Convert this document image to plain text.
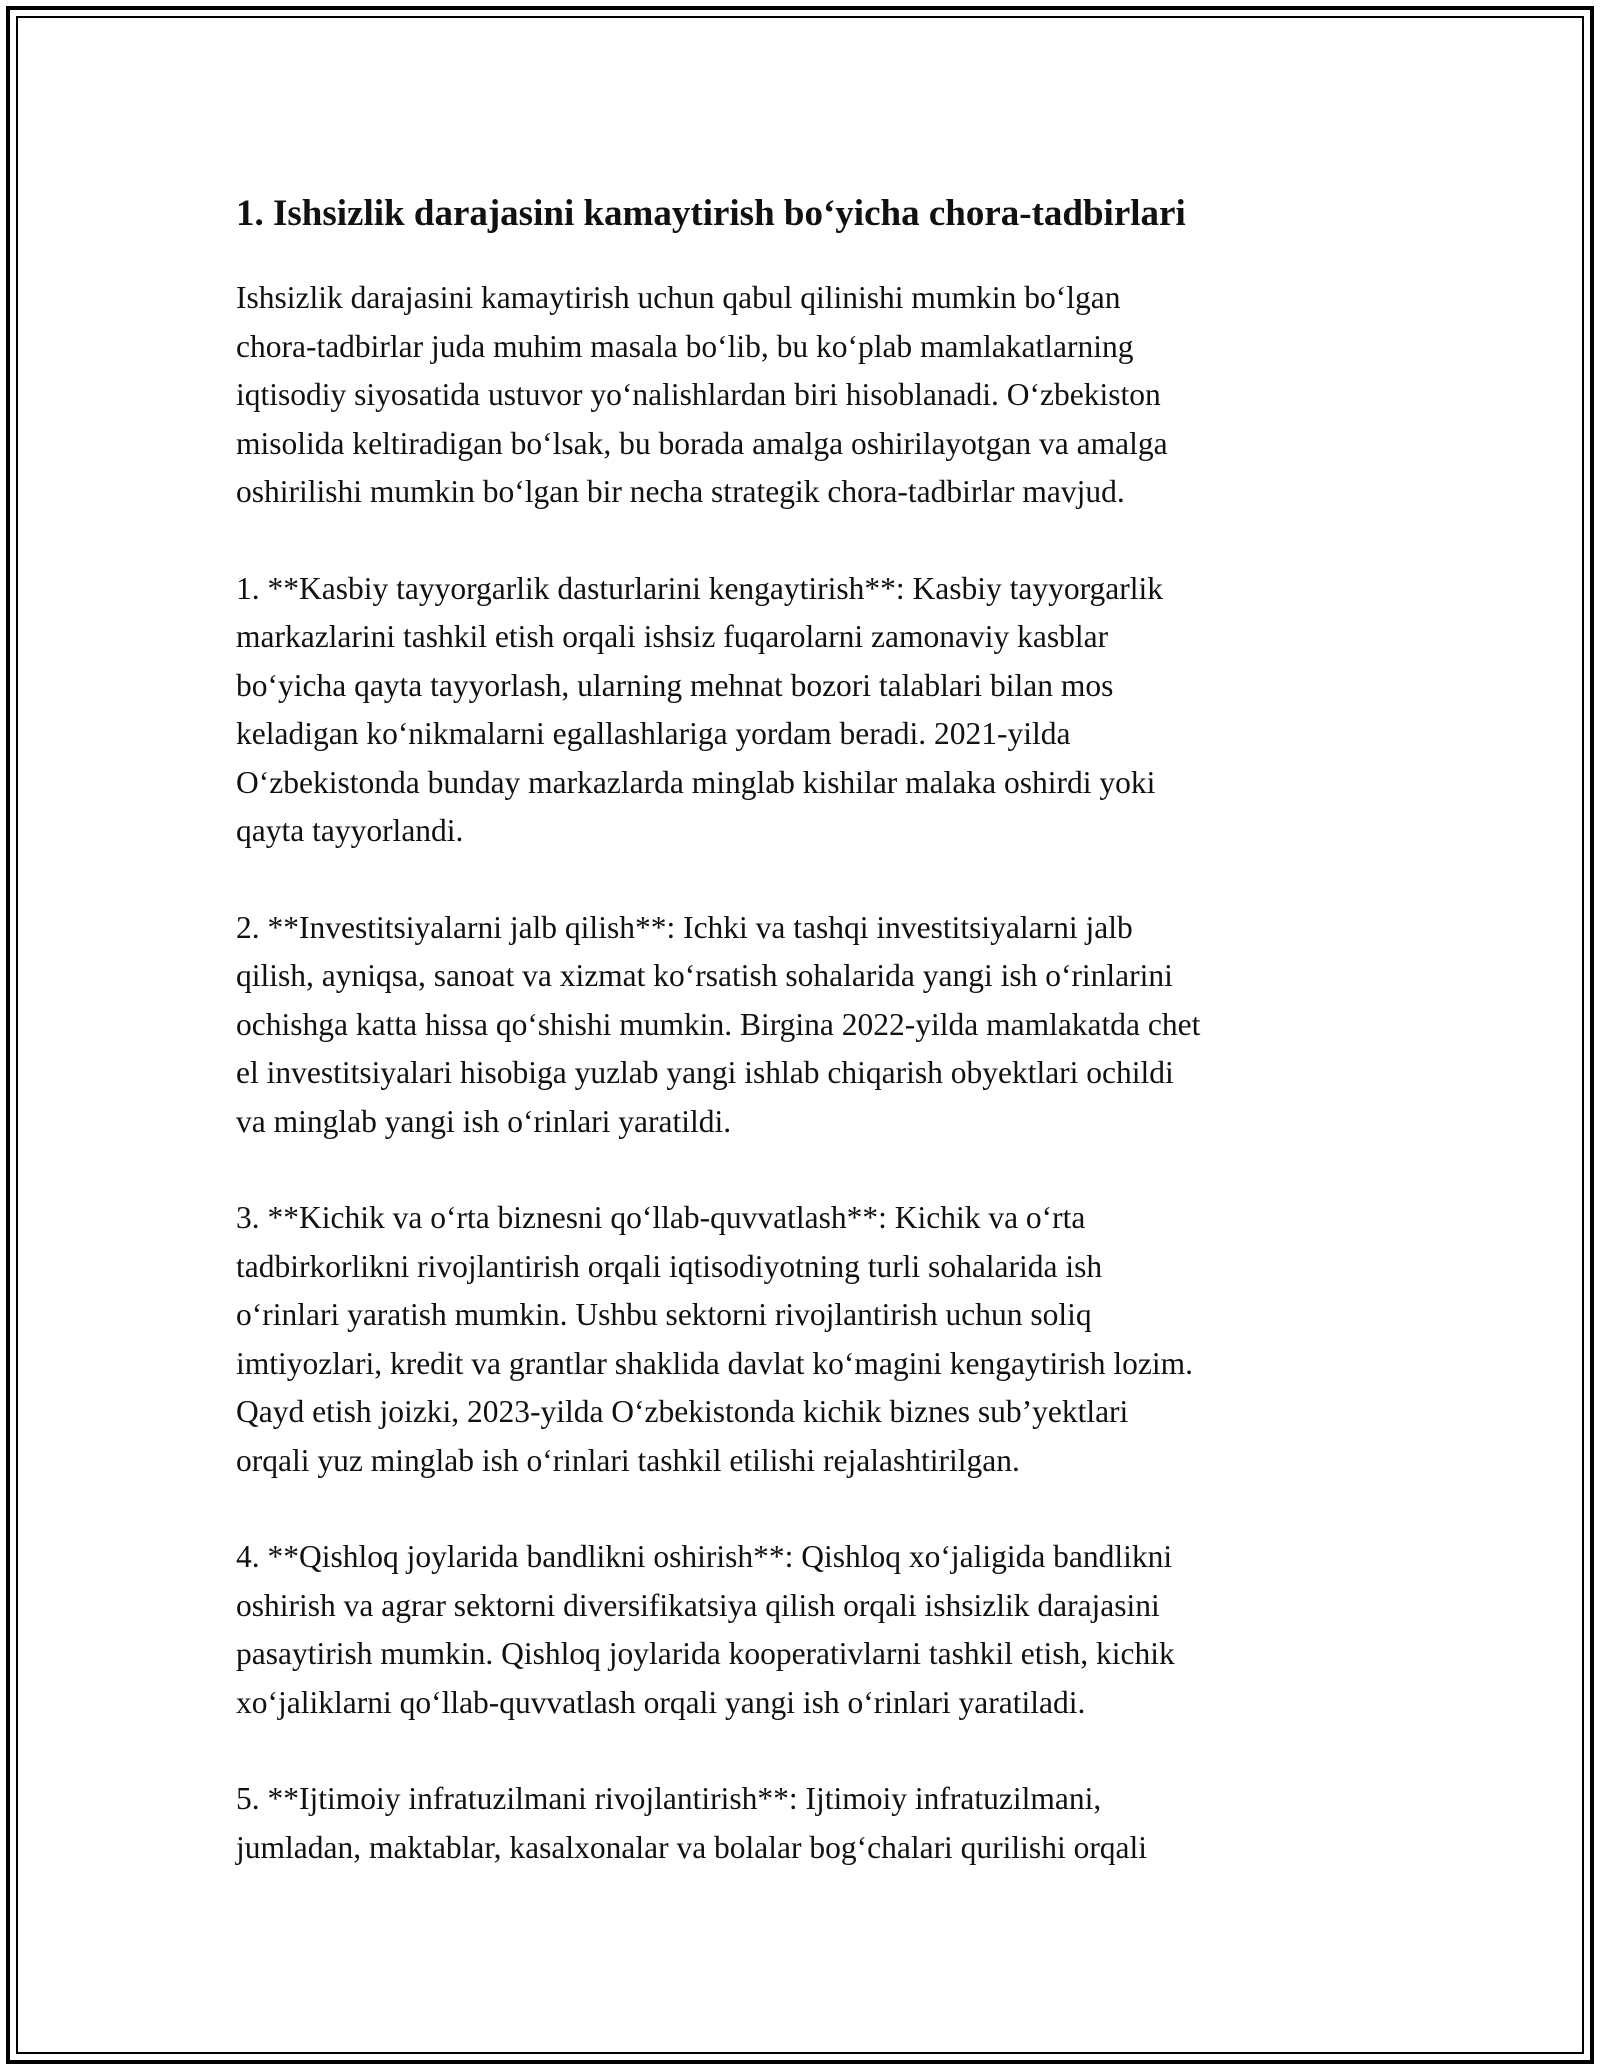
1. Ishsizlik darajasini kamaytirish bo‘yicha chora-tadbirlari

Ishsizlik darajasini kamaytirish uchun qabul qilinishi mumkin bo‘lgan
chora-tadbirlar juda muhim masala bo‘lib, bu ko‘plab mamlakatlarning
iqtisodiy siyosatida ustuvor yo‘nalishlardan biri hisoblanadi. O‘zbekiston
misolida keltiradigan bo‘lsak, bu borada amalga oshirilayotgan va amalga
oshirilishi mumkin bo‘lgan bir necha strategik chora-tadbirlar mavjud.

1. **Kasbiy tayyorgarlik dasturlarini kengaytirish**: Kasbiy tayyorgarlik
markazlarini tashkil etish orqali ishsiz fuqarolarni zamonaviy kasblar
bo‘yicha qayta tayyorlash, ularning mehnat bozori talablari bilan mos
keladigan ko‘nikmalarni egallashlariga yordam beradi. 2021-yilda
O‘zbekistonda bunday markazlarda minglab kishilar malaka oshirdi yoki
qayta tayyorlandi.

2. **Investitsiyalarni jalb qilish**: Ichki va tashqi investitsiyalarni jalb
qilish, ayniqsa, sanoat va xizmat ko‘rsatish sohalarida yangi ish o‘rinlarini
ochishga katta hissa qo‘shishi mumkin. Birgina 2022-yilda mamlakatda chet
el investitsiyalari hisobiga yuzlab yangi ishlab chiqarish obyektlari ochildi
va minglab yangi ish o‘rinlari yaratildi.

3. **Kichik va o‘rta biznesni qo‘llab-quvvatlash**: Kichik va o‘rta
tadbirkorlikni rivojlantirish orqali iqtisodiyotning turli sohalarida ish
o‘rinlari yaratish mumkin. Ushbu sektorni rivojlantirish uchun soliq
imtiyozlari, kredit va grantlar shaklida davlat ko‘magini kengaytirish lozim.
Qayd etish joizki, 2023-yilda O‘zbekistonda kichik biznes sub’yektlari
orqali yuz minglab ish o‘rinlari tashkil etilishi rejalashtirilgan.

4. **Qishloq joylarida bandlikni oshirish**: Qishloq xo‘jaligida bandlikni
oshirish va agrar sektorni diversifikatsiya qilish orqali ishsizlik darajasini
pasaytirish mumkin. Qishloq joylarida kooperativlarni tashkil etish, kichik
xo‘jaliklarni qo‘llab-quvvatlash orqali yangi ish o‘rinlari yaratiladi.

5. **Ijtimoiy infratuzilmani rivojlantirish**: Ijtimoiy infratuzilmani,
jumladan, maktablar, kasalxonalar va bolalar bog‘chalari qurilishi orqali
